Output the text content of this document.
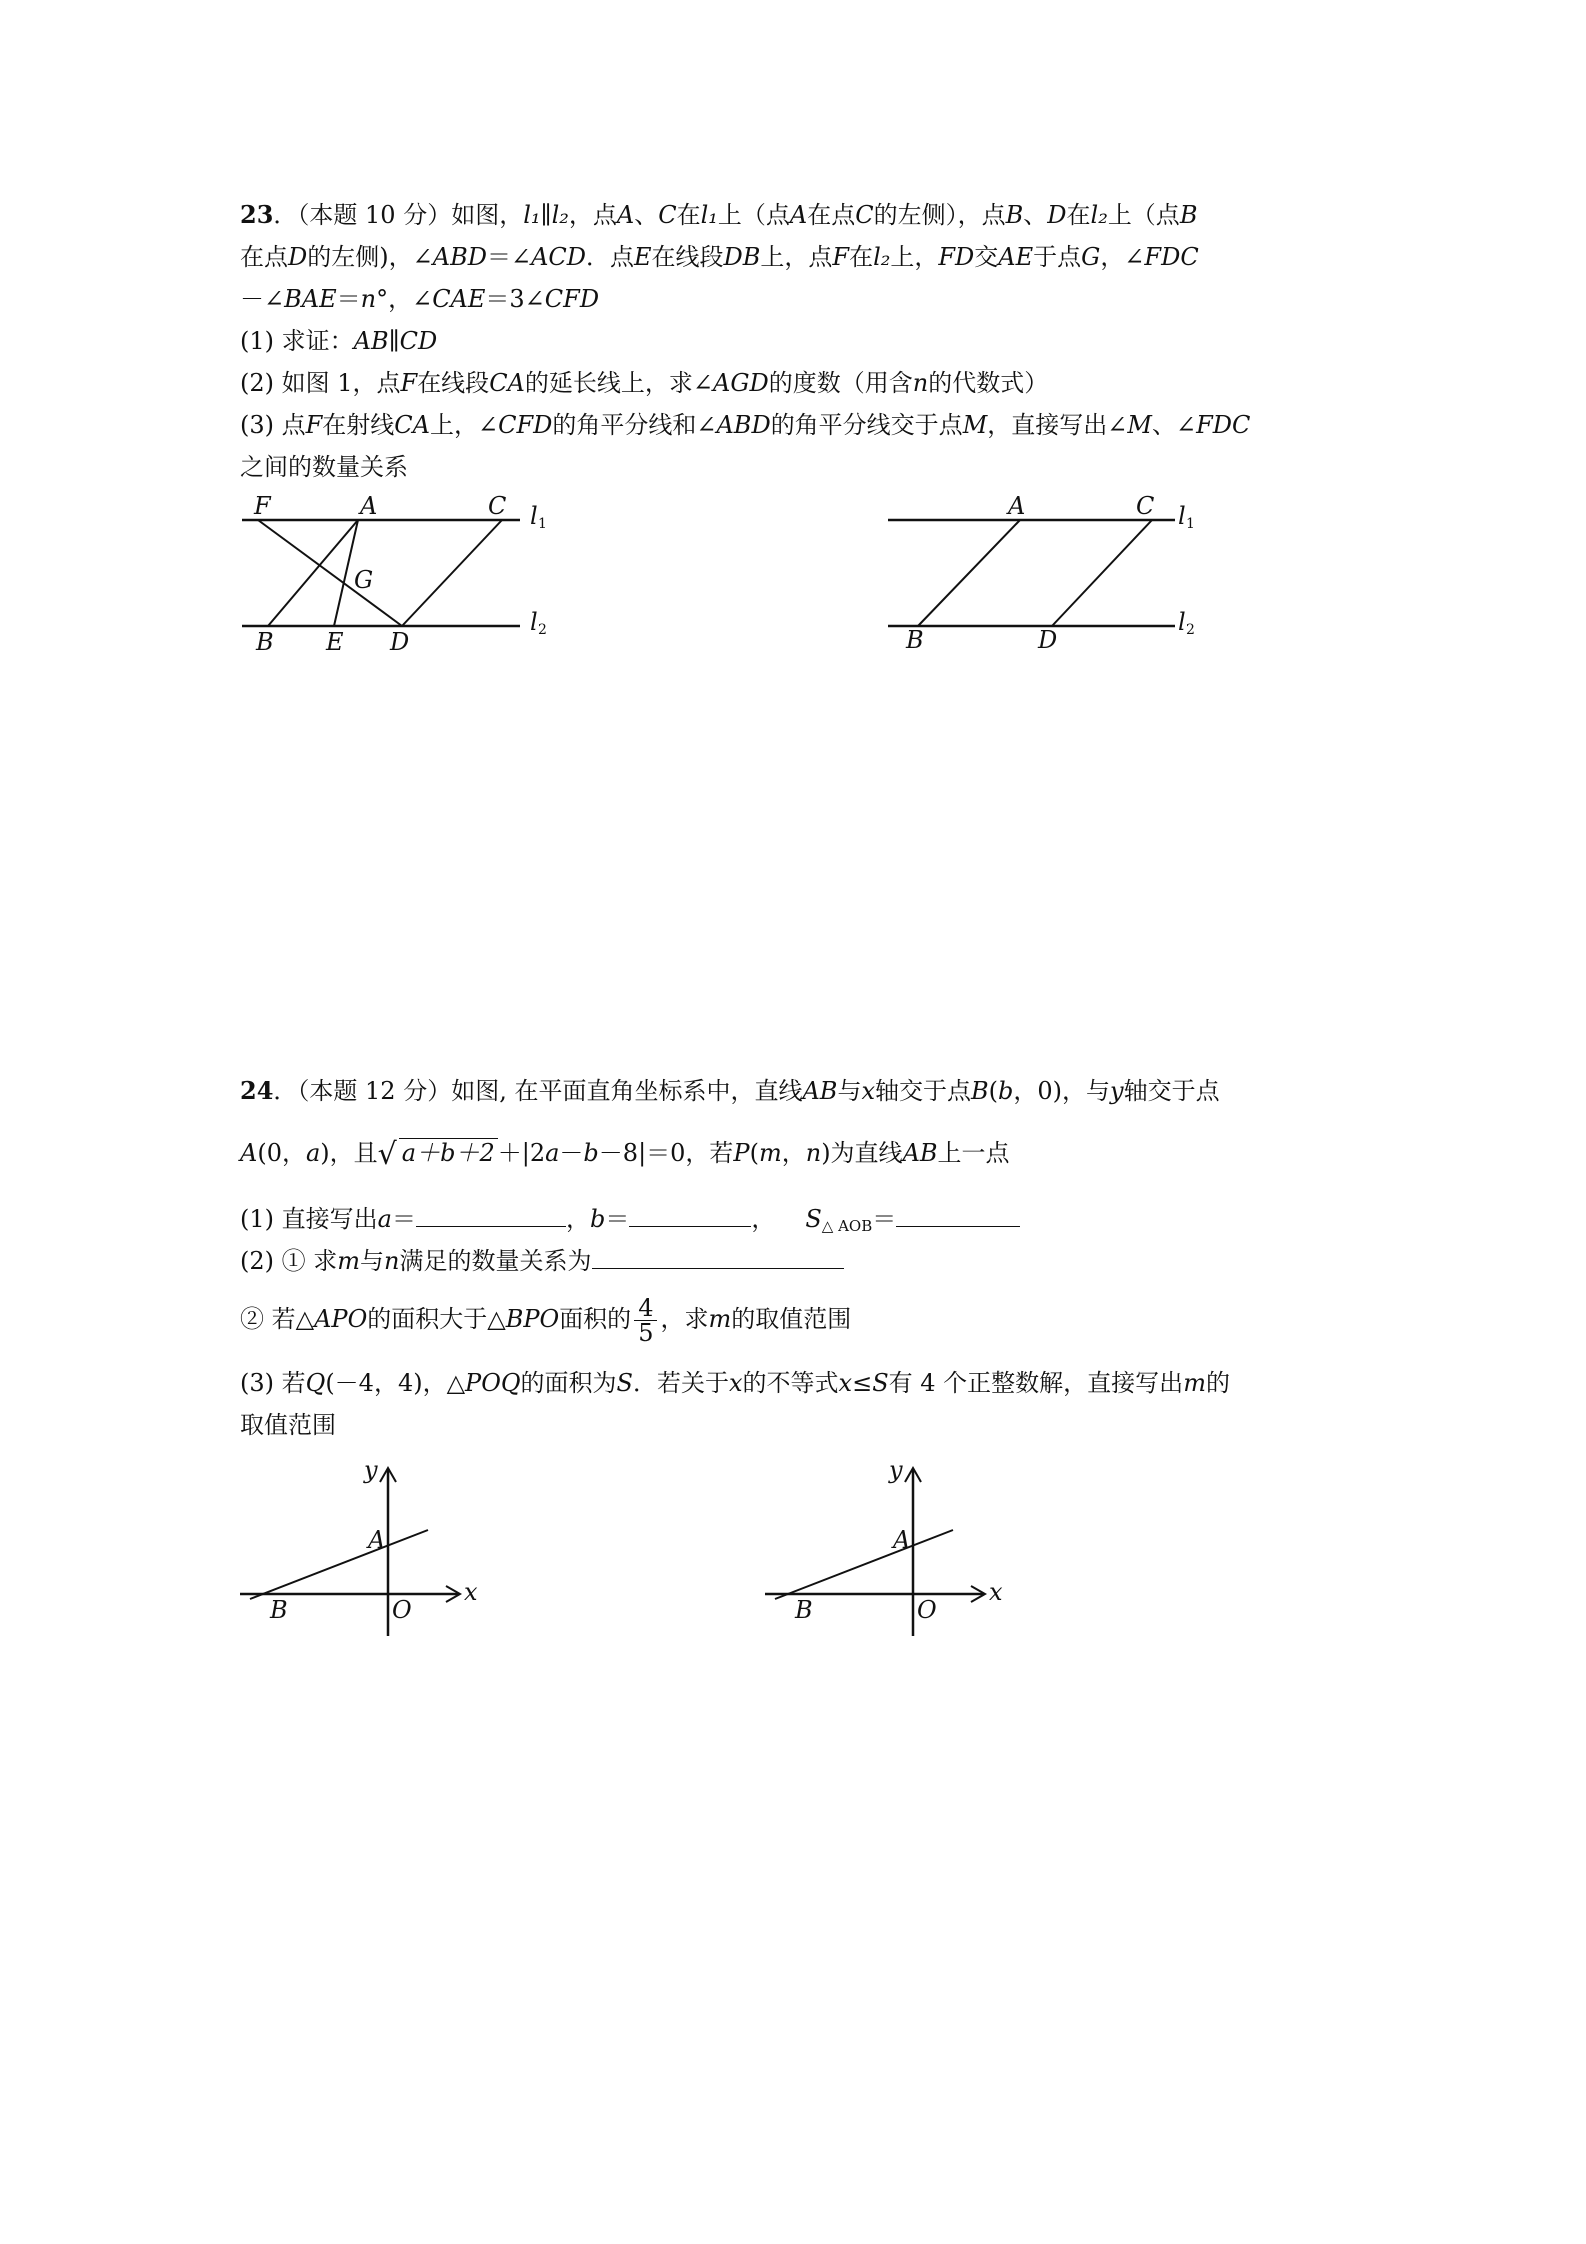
23．（本题 10 分）如图，l₁∥l₂，点A、C在l₁上（点A在点C的左侧），点B、D在l₂上（点B
在点D的左侧)，∠ABD＝∠ACD．点E在线段DB上，点F在l₂上，FD交AE于点G，∠FDC
－∠BAE＝n°，∠CAE＝3∠CFD
(1) 求证：AB∥CD
(2) 如图 1，点F在线段CA的延长线上，求∠AGD的度数（用含n的代数式）
(3) 点F在射线CA上，∠CFD的角平分线和∠ABD的角平分线交于点M，直接写出∠M、∠FDC
之间的数量关系
F	A	C l 1
G
B E D
l 2
A	C l 1
B	D
l 2
24．（本题 12 分）如图, 在平面直角坐标系中，直线AB与x轴交于点B(b，0)，与y轴交于点
A(0，a)，且√ a＋b＋2 ＋|2a－b－8|＝0，若P(m，n)为直线AB上一点
(1) 直接写出a＝	，b＝	， $S_{\triangle AOB}=$
(2) ① 求m与n满足的数量关系为
② 若△APO的面积大于△BPO面积的 $\frac{4}{5}$ ，求m的取值范围
(3) 若Q(－4，4)，△POQ的面积为S．若关于x的不等式x≤S有 4 个正整数解，直接写出m的
取值范围
y
x
A
B	O
y
x
A
B	O
